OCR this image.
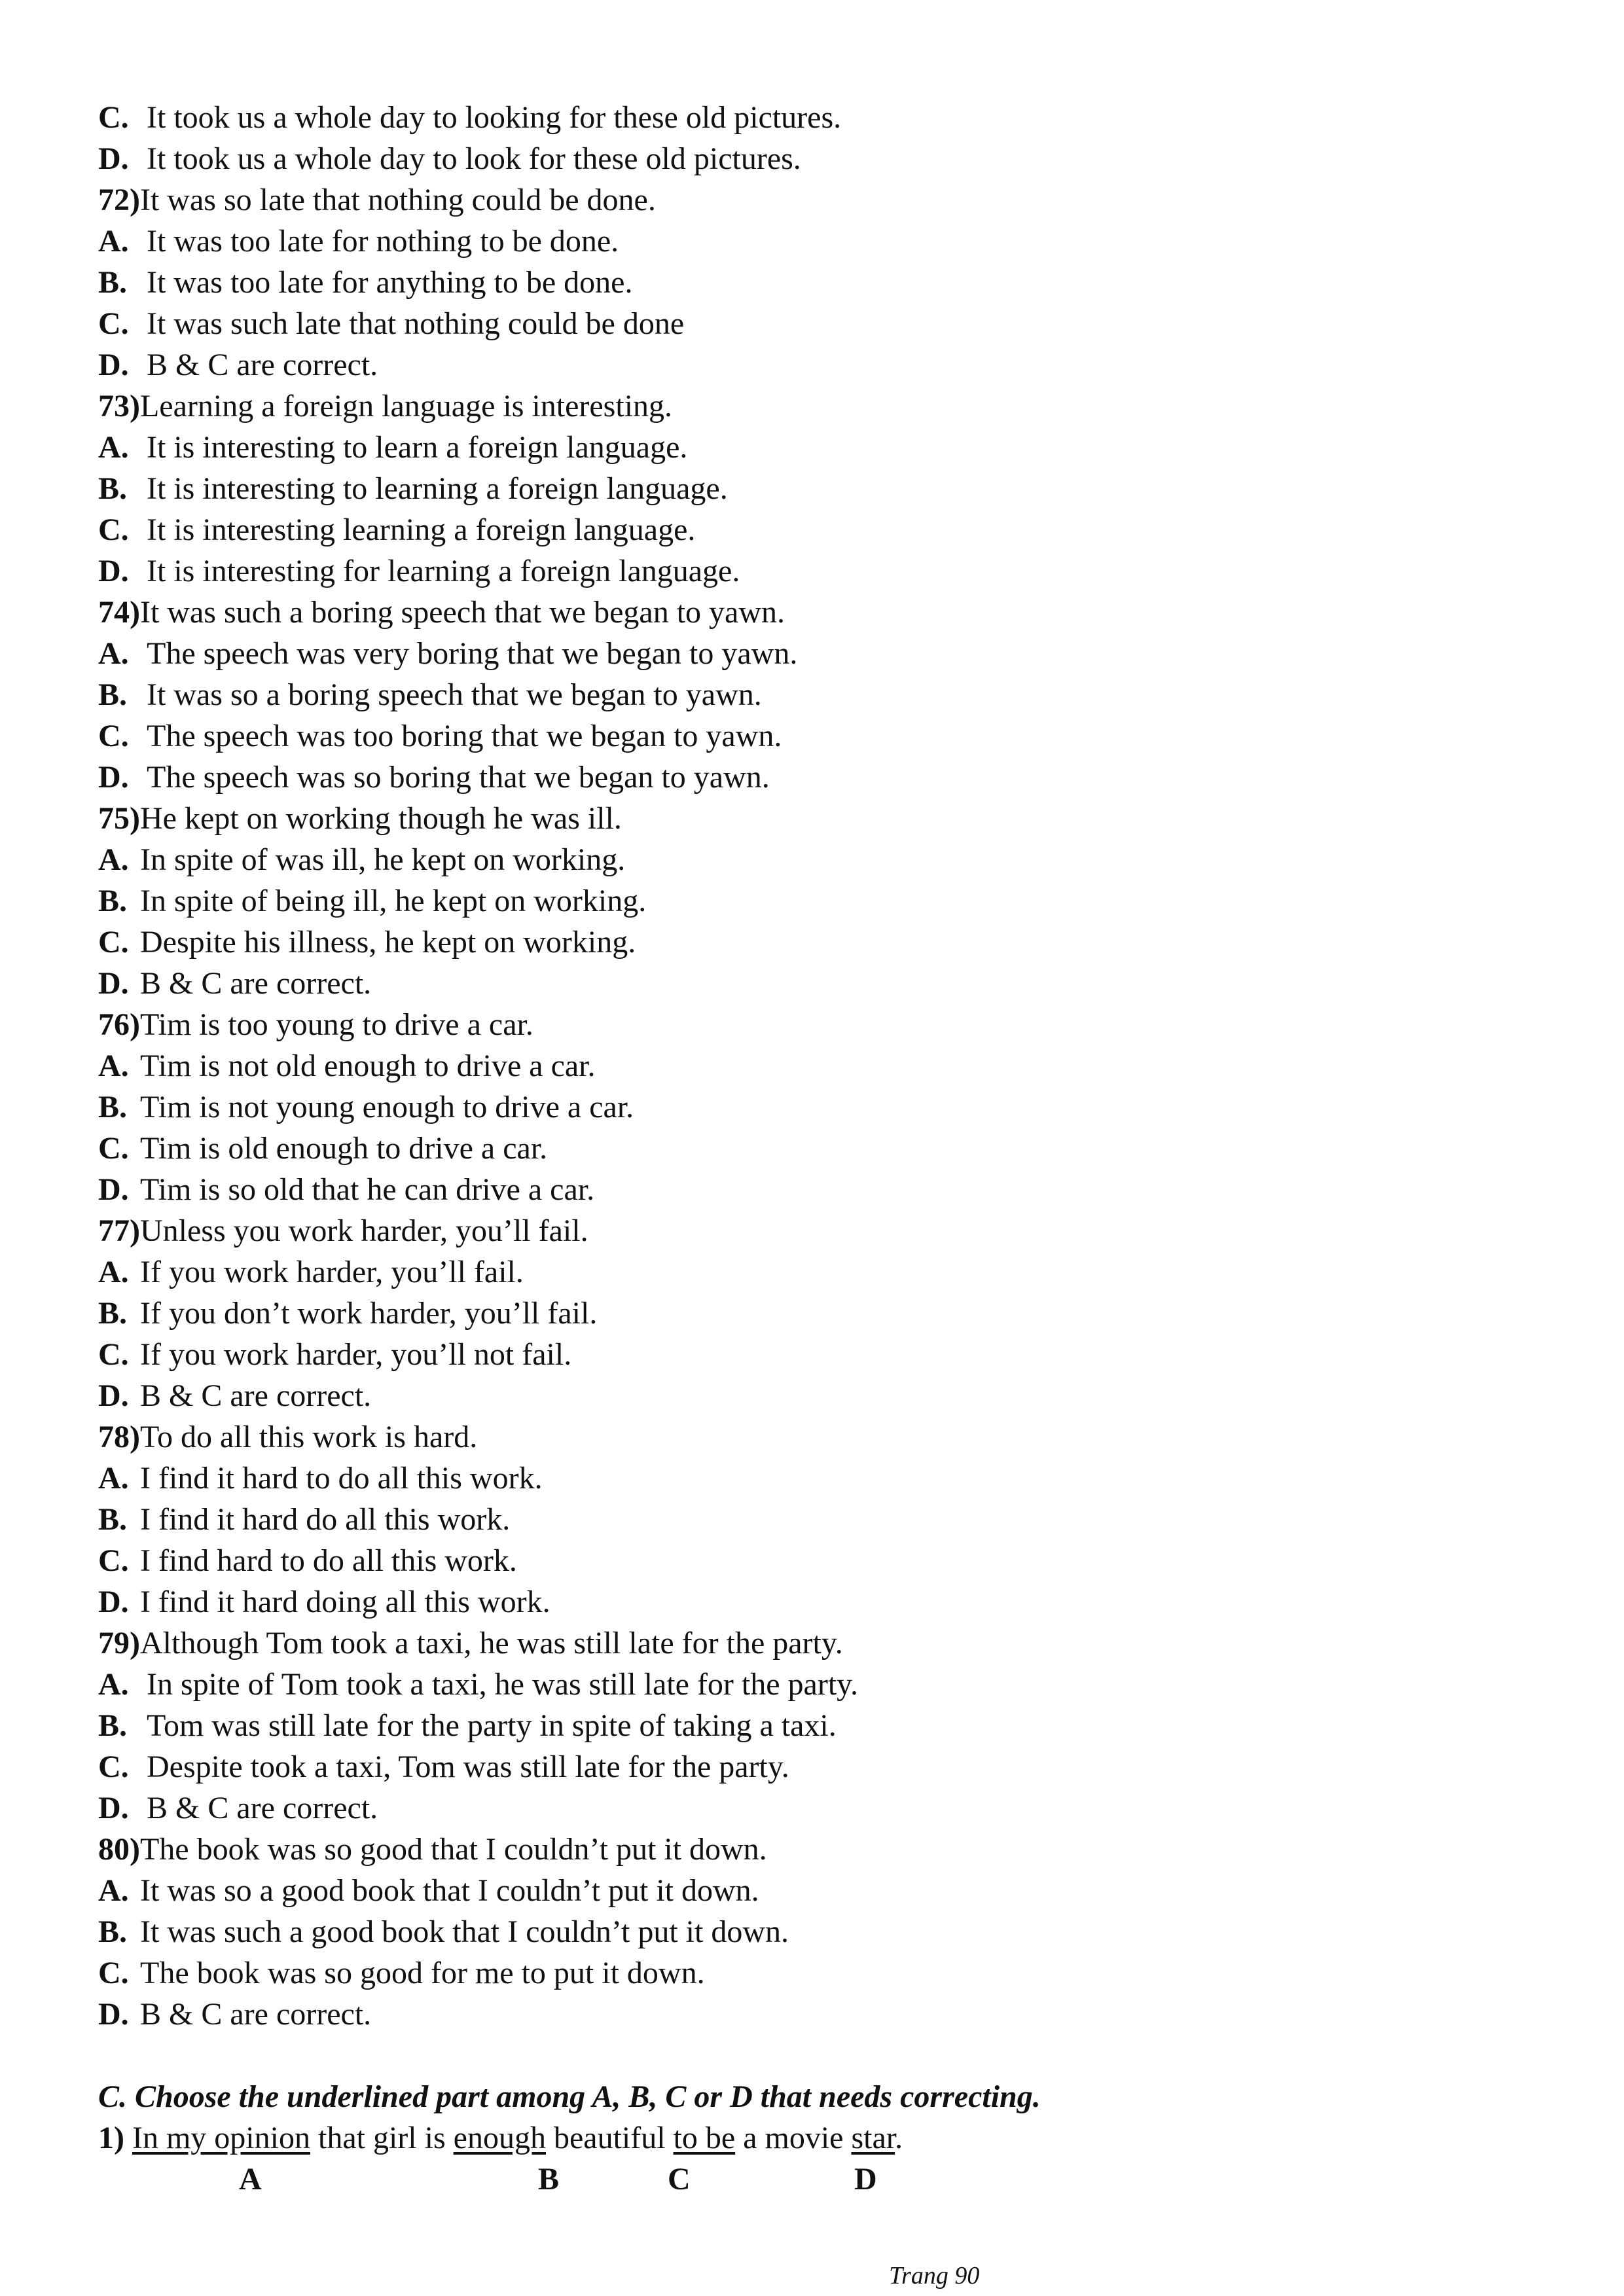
C. It took us a whole day to looking for these old pictures.
D. It took us a whole day to look for these old pictures.
72)It was so late that nothing could be done.
A. It was too late for nothing to be done.
B. It was too late for anything to be done.
C. It was such late that nothing could be done
D. B & C are correct.
73)Learning a foreign language is interesting.
A. It is interesting to learn a foreign language.
B. It is interesting to learning a foreign language.
C. It is interesting learning a foreign language.
D. It is interesting for learning a foreign language.
74)It was such a boring speech that we began to yawn.
A. The speech was very boring that we began to yawn.
B. It was so a boring speech that we began to yawn.
C. The speech was too boring that we began to yawn.
D. The speech was so boring that we began to yawn.
75)He kept on working though he was ill.
A. In spite of was ill, he kept on working.
B. In spite of being ill, he kept on working.
C. Despite his illness, he kept on working.
D. B & C are correct.
76)Tim is too young to drive a car.
A. Tim is not old enough to drive a car.
B. Tim is not young enough to drive a car.
C. Tim is old enough to drive a car.
D. Tim is so old that he can drive a car.
77)Unless you work harder, you’ll fail.
A. If you work harder, you’ll fail.
B. If you don’t work harder, you’ll fail.
C. If you work harder, you’ll not fail.
D. B & C are correct.
78)To do all this work is hard.
A. I find it hard to do all this work.
B. I find it hard do all this work.
C. I find hard to do all this work.
D. I find it hard doing all this work.
79)Although Tom took a taxi, he was still late for the party.
A. In spite of Tom took a taxi, he was still late for the party.
B. Tom was still late for the party in spite of taking a taxi.
C. Despite took a taxi, Tom was still late for the party.
D. B & C are correct.
80)The book was so good that I couldn’t put it down.
A. It was so a good book that I couldn’t put it down.
B. It was such a good book that I couldn’t put it down.
C. The book was so good for me to put it down.
D. B & C are correct.
C. Choose the underlined part among A, B, C or D that needs correcting.
1) In my opinion that girl is enough beautiful to be a movie star.
A	B	C	D
Trang 90
